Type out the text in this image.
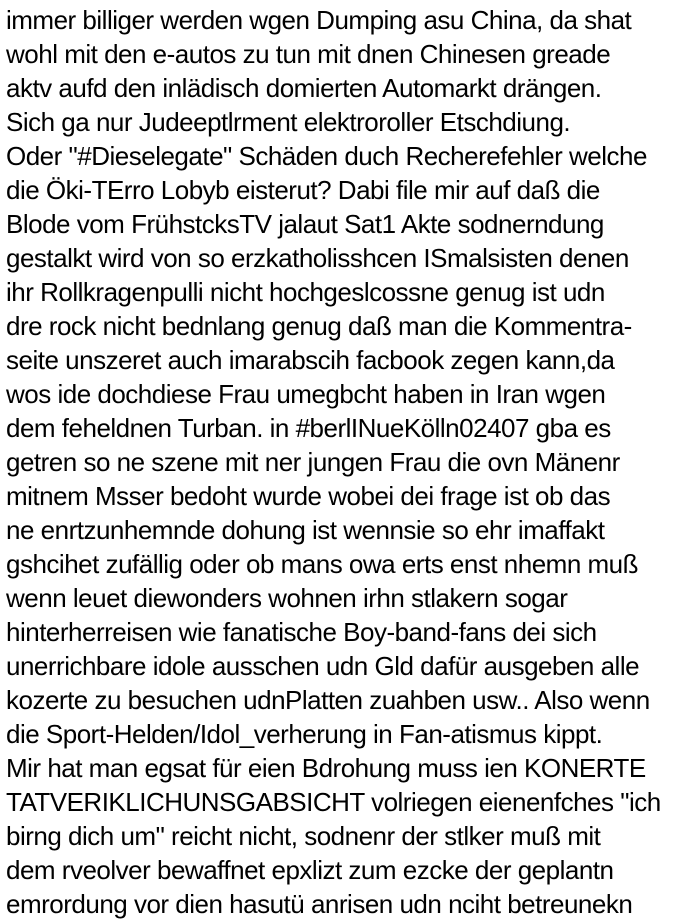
immer billiger werden wgen Dumping asu China, da shat
wohl mit den e-autos zu tun mit dnen Chinesen greade
aktv aufd den inlädisch domierten Automarkt drängen.
Sich ga nur Judeeptlrment elektroroller Etschdiung.
Oder "#Dieselegate" Schäden duch Recherefehler welche
die Öki-TErro Lobyb eisterut? Dabi file mir auf daß die
Blode vom FrühstcksTV jalaut Sat1 Akte sodnerndung
gestalkt wird von so erzkatholisshcen ISmalsisten denen
ihr Rollkragenpulli nicht hochgeslcossne genug ist udn
dre rock nicht bednlang genug daß man die Kommentra-
seite unszeret auch imarabscih facbook zegen kann,da
wos ide dochdiese Frau umegbcht haben in Iran wgen
dem feheldnen Turban. in #berlINueKölln02407 gba es
getren so ne szene mit ner jungen Frau die ovn Mänenr
mitnem Msser bedoht wurde wobei dei frage ist ob das
ne enrtzunhemnde dohung ist wennsie so ehr imaffakt
gshcihet zufällig oder ob mans owa erts enst nhemn muß
wenn leuet diewonders wohnen irhn stlakern sogar
hinterherreisen wie fanatische Boy-band-fans dei sich
unerrichbare idole ausschen udn Gld dafür ausgeben alle
kozerte zu besuchen udnPlatten zuahben usw.. Also wenn
die Sport-Helden/Idol_verherung in Fan-atismus kippt.
Mir hat man egsat für eien Bdrohung muss ien KONERTE
TATVERIKLICHUNSGABSICHT volriegen eienenfches "ich
birng dich um" reicht nicht, sodnenr der stlker muß mit
dem rveolver bewaffnet epxlizt zum ezcke der geplantn
emrordung vor dien hasutü anrisen udn nciht betreunekn
